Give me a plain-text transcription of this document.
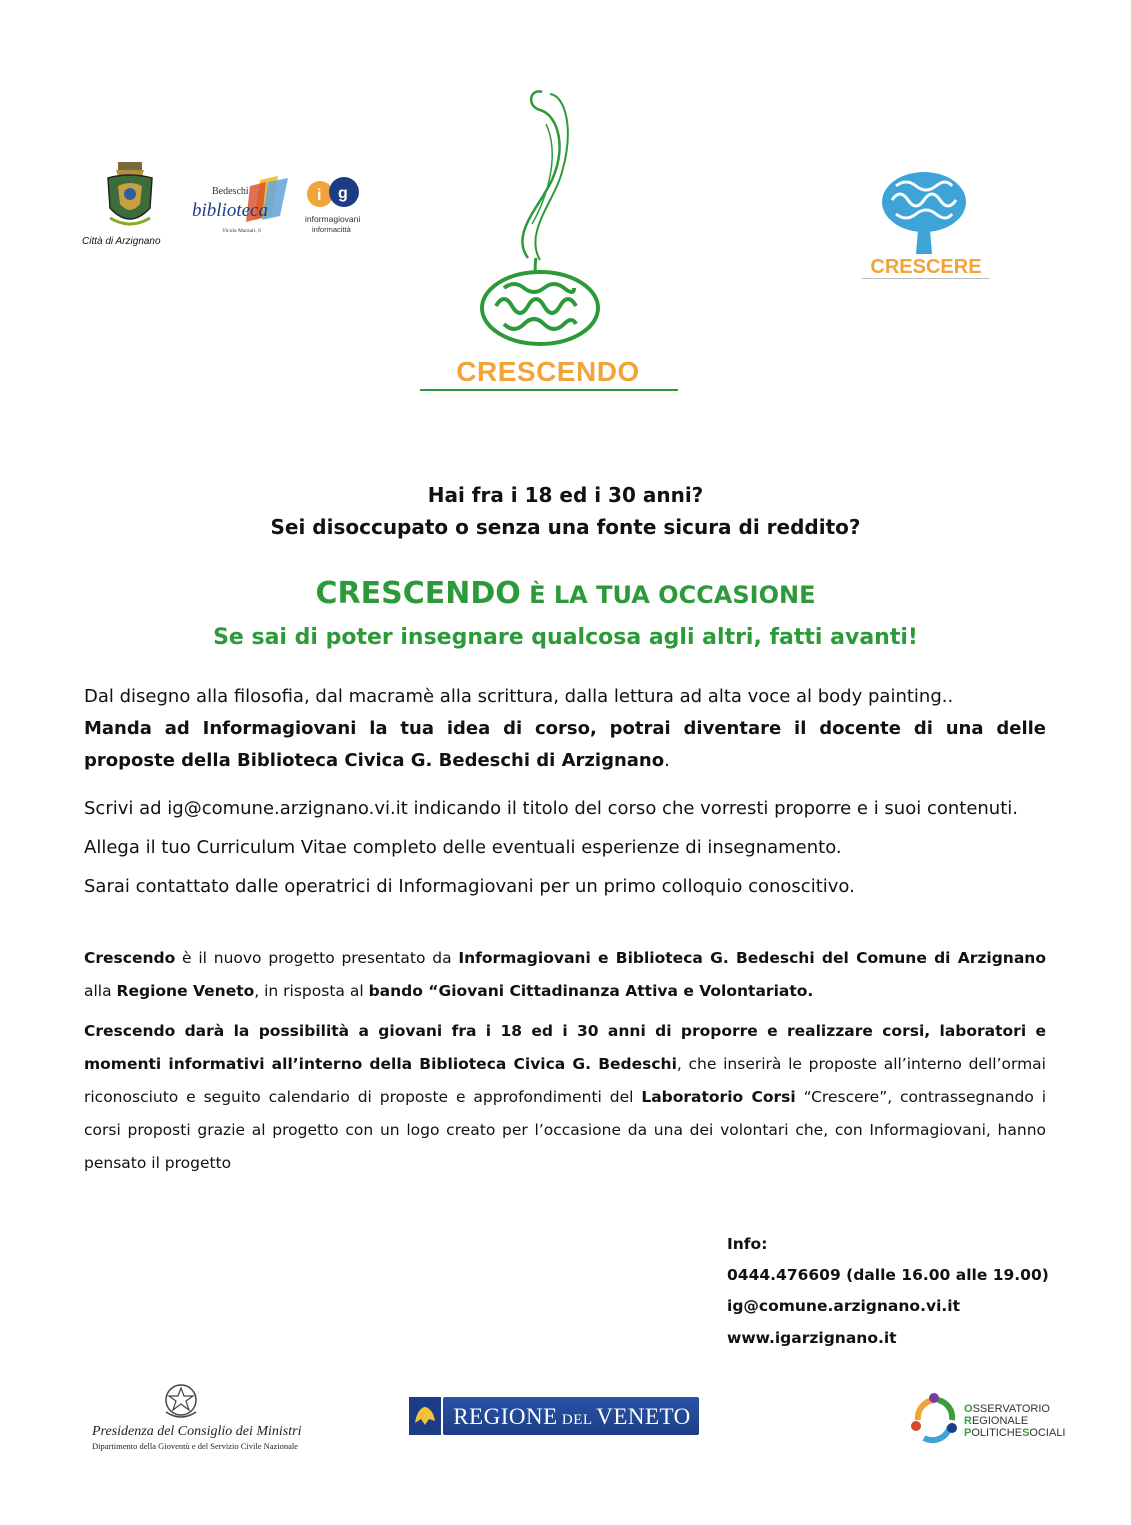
Città di Arzignano
Bedeschi
biblioteca
Vicolo Marzari, 6
i g
informagiovani
informacittà
CRESCENDO
CRESCERE
Hai fra i 18 ed i 30 anni?
Sei disoccupato o senza una fonte sicura di reddito?
CRESCENDO È LA TUA OCCASIONE
Se sai di poter insegnare qualcosa agli altri, fatti avanti!
Dal disegno alla filosofia, dal macramè alla scrittura, dalla lettura ad alta voce al body painting..
Manda ad Informagiovani la tua idea di corso, potrai diventare il docente di una delle proposte della Biblioteca Civica G. Bedeschi di Arzignano.
Scrivi ad ig@comune.arzignano.vi.it indicando il titolo del corso che vorresti proporre e i suoi contenuti.
Allega il tuo Curriculum Vitae completo delle eventuali esperienze di insegnamento.
Sarai contattato dalle operatrici di Informagiovani per un primo colloquio conoscitivo.
Crescendo è il nuovo progetto presentato da Informagiovani e Biblioteca G. Bedeschi del Comune di Arzignano alla Regione Veneto, in risposta al bando “Giovani Cittadinanza Attiva e Volontariato.
Crescendo darà la possibilità a giovani fra i 18 ed i 30 anni di proporre e realizzare corsi, laboratori e momenti informativi all’interno della Biblioteca Civica G. Bedeschi, che inserirà le proposte all’interno dell’ormai riconosciuto e seguito calendario di proposte e approfondimenti del Laboratorio Corsi “Crescere”, contrassegnando i corsi proposti grazie al progetto con un logo creato per l’occasione da una dei volontari che, con Informagiovani, hanno pensato il progetto
Info:
0444.476609 (dalle 16.00 alle 19.00)
ig@comune.arzignano.vi.it
www.igarzignano.it
Presidenza del Consiglio dei Ministri
Dipartimento della Gioventù e del Servizio Civile Nazionale
REGIONE DEL VENETO	OSSERVATORIO
REGIONALE
POLITICHESOCIALI
